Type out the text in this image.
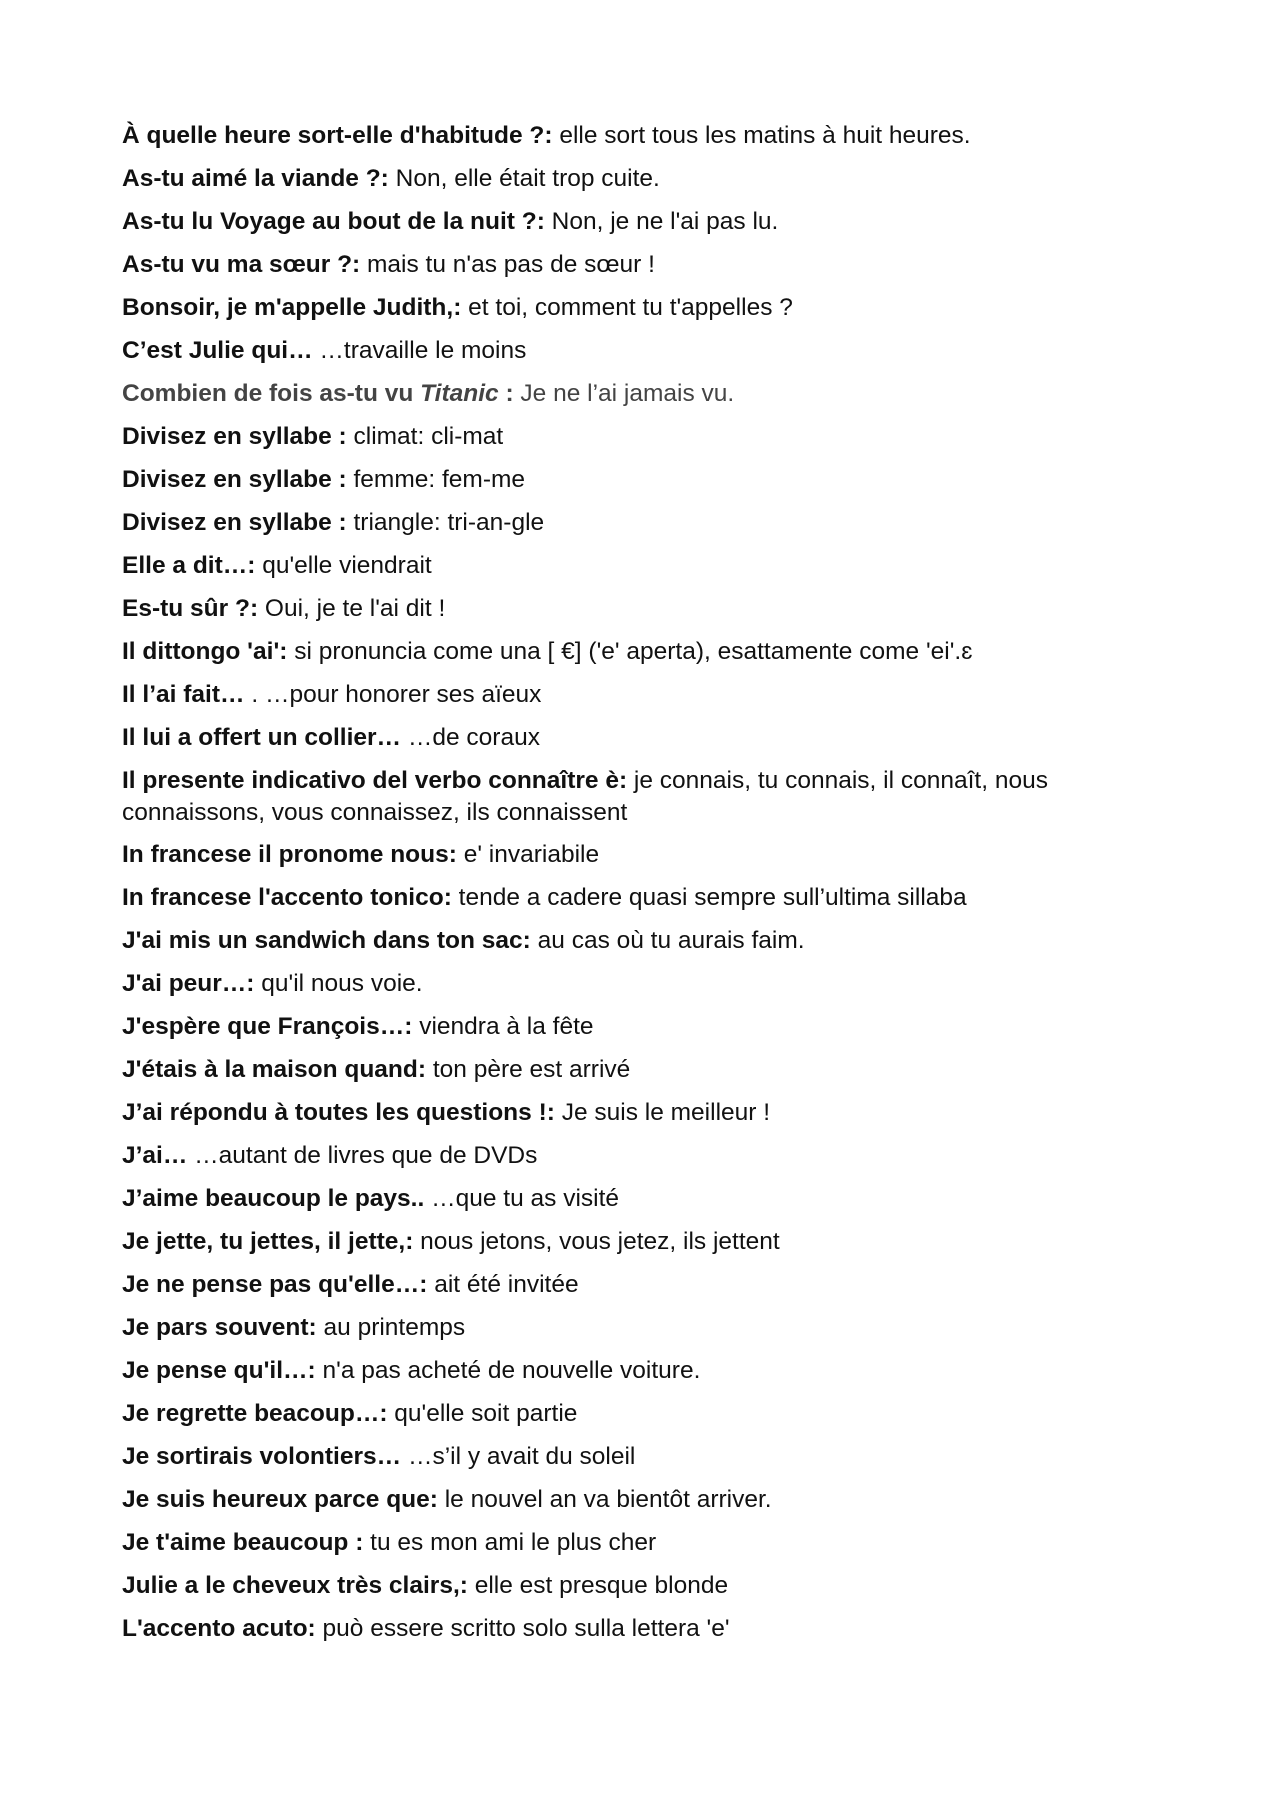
À quelle heure sort-elle d'habitude ?: elle sort tous les matins à huit heures.

As-tu aimé la viande ?: Non, elle était trop cuite.

As-tu lu Voyage au bout de la nuit ?: Non, je ne l'ai pas lu.

As-tu vu ma sœur ?: mais tu n'as pas de sœur !

Bonsoir, je m'appelle Judith,: et toi, comment tu t'appelles ?

C’est Julie qui… …travaille le moins

Combien de fois as-tu vu Titanic : Je ne l’ai jamais vu.

Divisez en syllabe : climat: cli-mat

Divisez en syllabe : femme: fem-me

Divisez en syllabe : triangle: tri-an-gle

Elle a dit…: qu'elle viendrait

Es-tu sûr ?: Oui, je te l'ai dit !

Il dittongo 'ai': si pronuncia come una [ €] ('e' aperta), esattamente come 'ei'.ɛ

Il l’ai fait… . …pour honorer ses aïeux

Il lui a offert un collier… …de coraux

Il presente indicativo del verbo connaître è: je connais, tu connais, il connaît, nous connaissons, vous connaissez, ils connaissent

In francese il pronome nous: e' invariabile

In francese l'accento tonico: tende a cadere quasi sempre sull’ultima sillaba

J'ai mis un sandwich dans ton sac: au cas où tu aurais faim.

J'ai peur…: qu'il nous voie.

J'espère que François…: viendra à la fête

J'étais à la maison quand: ton père est arrivé

J’ai répondu à toutes les questions !: Je suis le meilleur !

J’ai… …autant de livres que de DVDs

J’aime beaucoup le pays.. …que tu as visité

Je jette, tu jettes, il jette,: nous jetons, vous jetez, ils jettent

Je ne pense pas qu'elle…: ait été invitée

Je pars souvent: au printemps

Je pense qu'il…: n'a pas acheté de nouvelle voiture.

Je regrette beacoup…: qu'elle soit partie

Je sortirais volontiers… …s’il y avait du soleil

Je suis heureux parce que: le nouvel an va bientôt arriver.

Je t'aime beaucoup : tu es mon ami le plus cher

Julie a le cheveux très clairs,: elle est presque blonde

L'accento acuto: può essere scritto solo sulla lettera 'e'
